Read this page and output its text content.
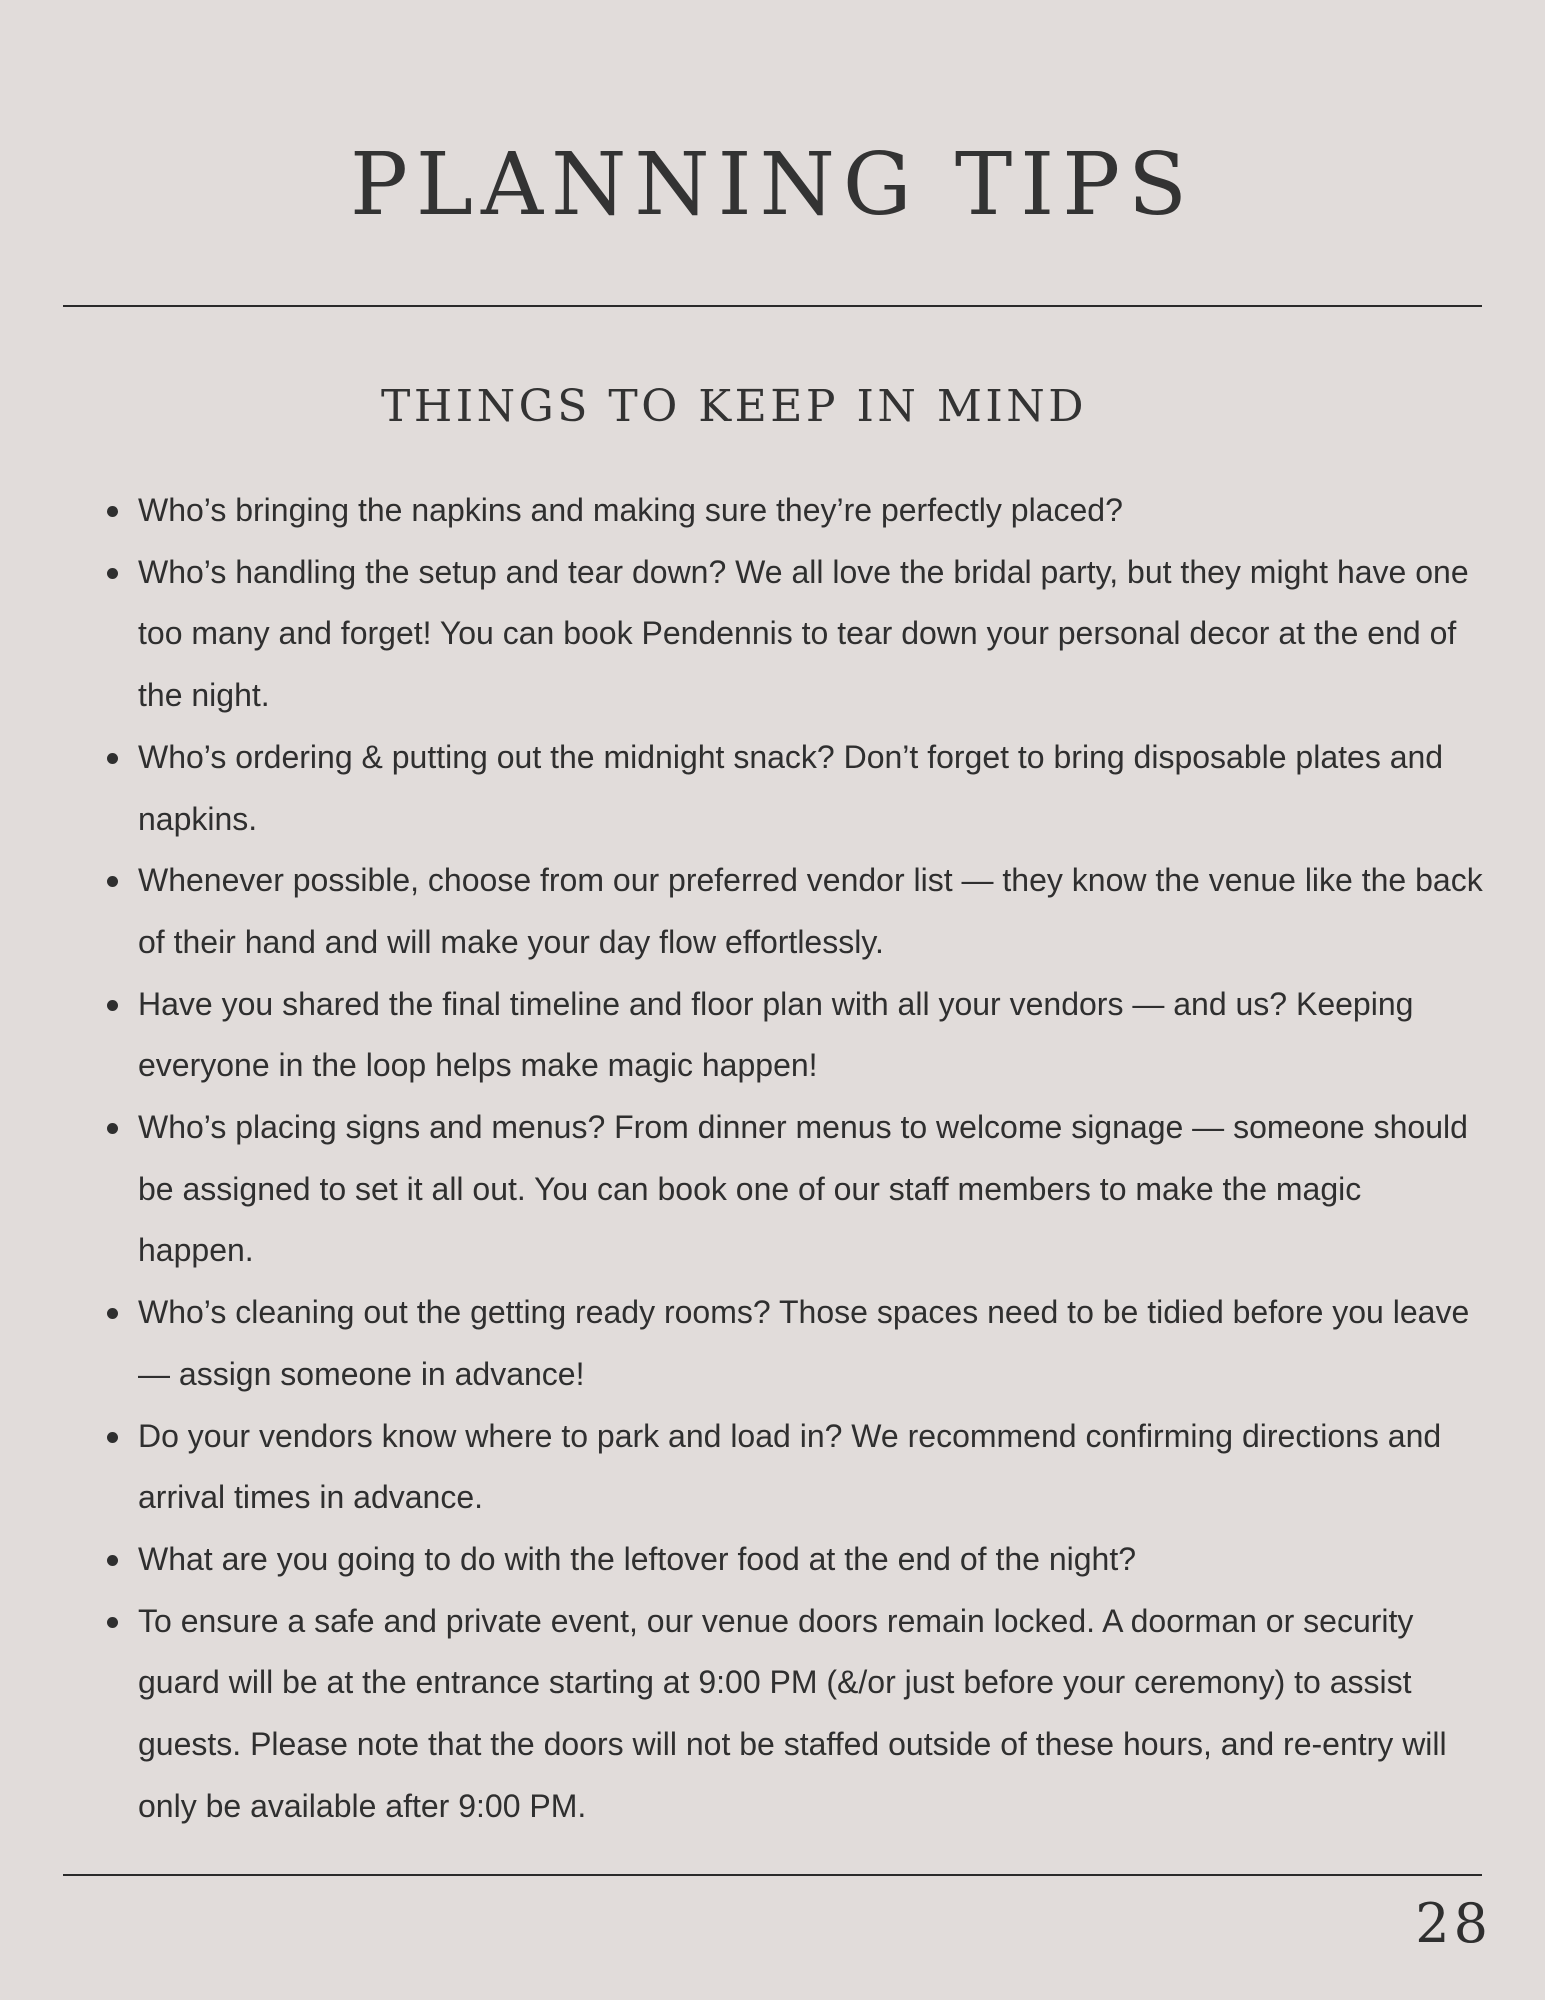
PLANNING TIPS
THINGS TO KEEP IN MIND
Who’s bringing the napkins and making sure they’re perfectly placed?
Who’s handling the setup and tear down? We all love the bridal party, but they might have one too many and forget! You can book Pendennis to tear down your personal decor at the end of the night.
Who’s ordering & putting out the midnight snack? Don’t forget to bring disposable plates and napkins.
Whenever possible, choose from our preferred vendor list — they know the venue like the back of their hand and will make your day flow effortlessly.
Have you shared the final timeline and floor plan with all your vendors — and us? Keeping everyone in the loop helps make magic happen!
Who’s placing signs and menus? From dinner menus to welcome signage — someone should be assigned to set it all out. You can book one of our staff members to make the magic happen.
Who’s cleaning out the getting ready rooms? Those spaces need to be tidied before you leave — assign someone in advance!
Do your vendors know where to park and load in? We recommend confirming directions and arrival times in advance.
What are you going to do with the leftover food at the end of the night?
To ensure a safe and private event, our venue doors remain locked. A doorman or security guard will be at the entrance starting at 9:00 PM (&/or just before your ceremony) to assist guests. Please note that the doors will not be staffed outside of these hours, and re-entry will only be available after 9:00 PM.
28
